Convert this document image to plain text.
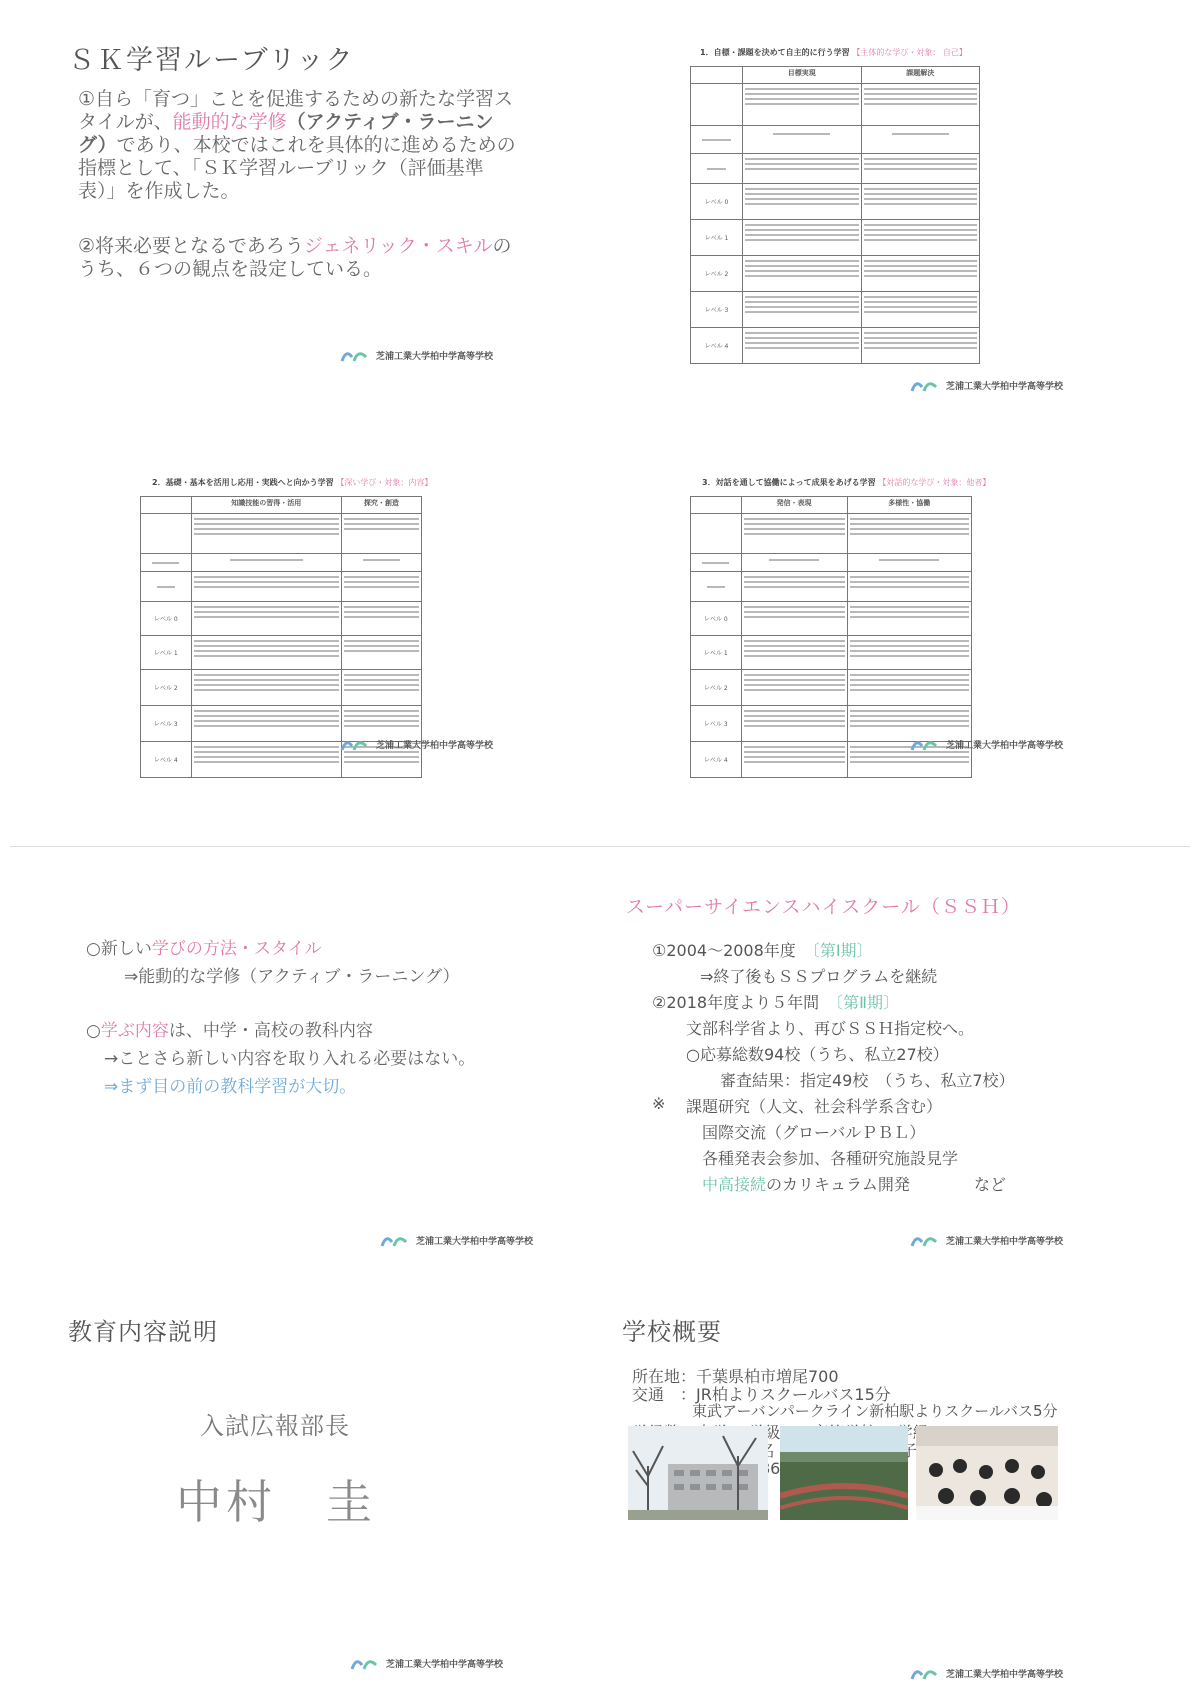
ＳＫ学習ルーブリック
①自ら「育つ」ことを促進するための新たな学習スタイルが、能動的な学修（アクティブ・ラーニング）であり、本校ではこれを具体的に進めるための指標として、「ＳＫ学習ルーブリック（評価基準表）」を作成した。
②将来必要となるであろうジェネリック・スキルのうち、６つの観点を設定している。
芝浦工業大学柏中学高等学校
1．自標・課題を決めて自主的に行う学習 【主体的な学び・対象： 自己】
	目標実現	課題解決

レベル 0	

レベル 1	

レベル 2	

レベル 3	

レベル 4	

芝浦工業大学柏中学高等学校
2．基礎・基本を活用し応用・実践へと向かう学習 【深い学び・対象：内容】
	知識技能の習得・活用	探究・創造

レベル 0	

レベル 1	

レベル 2	

レベル 3	

レベル 4	

芝浦工業大学柏中学高等学校
3．対話を通して協働によって成果をあげる学習 【対話的な学び・対象：他者】
	発信・表現	多様性・協働

レベル 0	

レベル 1	

レベル 2	

レベル 3	

レベル 4	

芝浦工業大学柏中学高等学校
○新しい学びの方法・スタイル
⇒能動的な学修（アクティブ・ラーニング）
○学ぶ内容は、中学・高校の教科内容
→ことさら新しい内容を取り入れる必要はない。
⇒まず目の前の教科学習が大切。
芝浦工業大学柏中学高等学校
スーパーサイエンスハイスクール（ＳＳＨ）
①2004～2008年度　 〔第Ⅰ期〕
⇒終了後もＳＳプログラムを継続
②2018年度より５年間　 〔第Ⅱ期〕
文部科学省より、再びＳＳＨ指定校へ。
○応募総数94校（うち、私立27校）
審査結果：指定49校　（うち、私立7校）
※ 課題研究（人文、社会科学系含む）
国際交流（グローバルＰＢＬ）
各種発表会参加、各種研究施設見学
中高接続のカリキュラム開発	など
芝浦工業大学柏中学高等学校
教育内容説明
入試広報部長
中村　圭
芝浦工業大学柏中学高等学校
学校概要
所在地：千葉県柏市増尾700
交通　：JR柏よりスクールバス15分
　　　　東武アーバンパークライン新柏駅よりスクールバス5分
芝浦工業大学柏中学高等学校
